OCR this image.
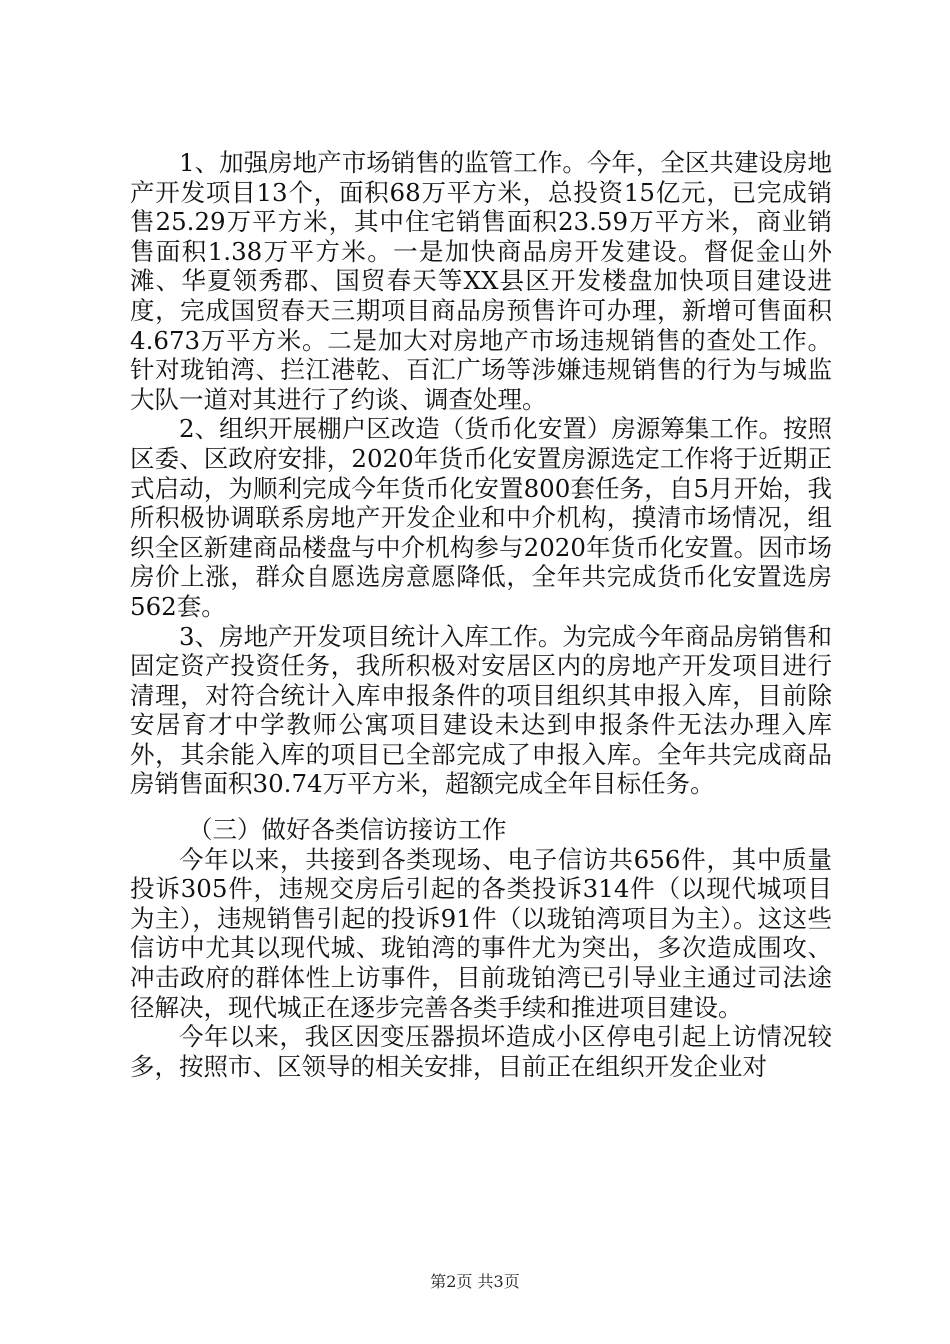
1、加强房地产市场销售的监管工作。今年，全区共建设房地产开发项目13个，面积68万平方米，总投资15亿元，已完成销售25.29万平方米，其中住宅销售面积23.59万平方米，商业销售面积1.38万平方米。一是加快商品房开发建设。督促金山外滩、华夏领秀郡、国贸春天等XX县区开发楼盘加快项目建设进度，完成国贸春天三期项目商品房预售许可办理，新增可售面积4.673万平方米。二是加大对房地产市场违规销售的查处工作。针对珑铂湾、拦江港乾、百汇广场等涉嫌违规销售的行为与城监大队一道对其进行了约谈、调查处理。

2、组织开展棚户区改造（货币化安置）房源筹集工作。按照区委、区政府安排，2020年货币化安置房源选定工作将于近期正式启动，为顺利完成今年货币化安置800套任务，自5月开始，我所积极协调联系房地产开发企业和中介机构，摸清市场情况，组织全区新建商品楼盘与中介机构参与2020年货币化安置。因市场房价上涨，群众自愿选房意愿降低，全年共完成货币化安置选房562套。

3、房地产开发项目统计入库工作。为完成今年商品房销售和固定资产投资任务，我所积极对安居区内的房地产开发项目进行清理，对符合统计入库申报条件的项目组织其申报入库，目前除安居育才中学教师公寓项目建设未达到申报条件无法办理入库外，其余能入库的项目已全部完成了申报入库。全年共完成商品房销售面积30.74万平方米，超额完成全年目标任务。

（三）做好各类信访接访工作

今年以来，共接到各类现场、电子信访共656件，其中质量投诉305件，违规交房后引起的各类投诉314件（以现代城项目为主），违规销售引起的投诉91件（以珑铂湾项目为主）。这这些信访中尤其以现代城、珑铂湾的事件尤为突出，多次造成围攻、冲击政府的群体性上访事件，目前珑铂湾已引导业主通过司法途径解决，现代城正在逐步完善各类手续和推进项目建设。

今年以来，我区因变压器损坏造成小区停电引起上访情况较多，按照市、区领导的相关安排，目前正在组织开发企业对

第2页 共3页
